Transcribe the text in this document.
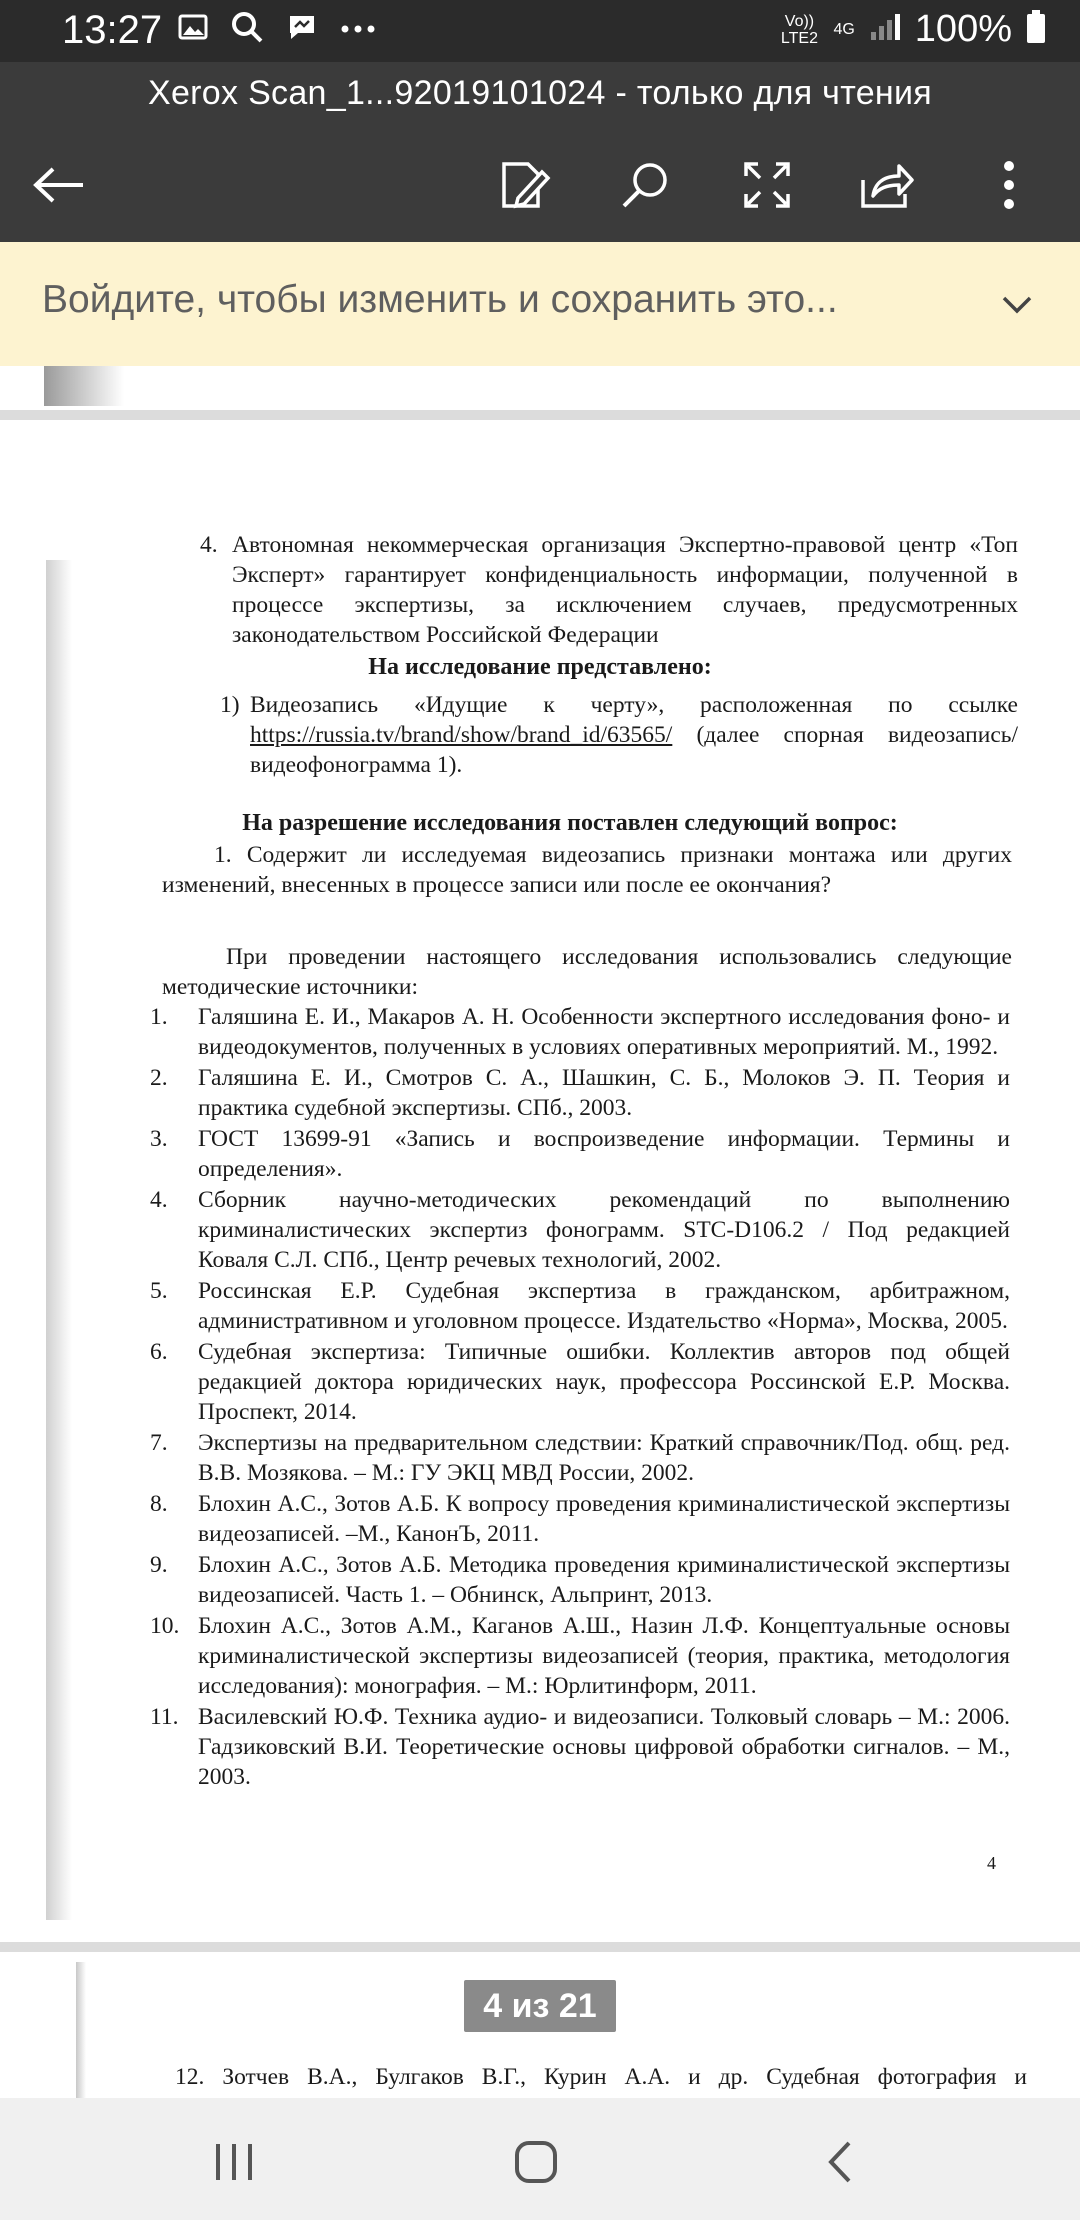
13:27	Vo)) LTE2 4G 100%
Xerox Scan_1...92019101024 - только для чтения
Войдите, чтобы изменить и сохранить это...
4. Автономная некоммерческая организация Экспертно-правовой центр «Топ Эксперт» гарантирует конфиденциальность информации, полученной в процессе экспертизы, за исключением случаев, предусмотренных законодательством Российской Федерации
На исследование представлено:
1) Видеозапись «Идущие к черту», расположенная по ссылке https://russia.tv/brand/show/brand_id/63565/ (далее спорная видеозапись/видеофонограмма 1).
На разрешение исследования поставлен следующий вопрос:
1. Содержит ли исследуемая видеозапись признаки монтажа или других изменений, внесенных в процессе записи или после ее окончания?
При проведении настоящего исследования использовались следующие методические источники:
1. Галяшина Е. И., Макаров А. Н. Особенности экспертного исследования фоно- и видеодокументов, полученных в условиях оперативных мероприятий. М., 1992.
2. Галяшина Е. И., Смотров С. А., Шашкин, С. Б., Молоков Э. П. Теория и практика судебной экспертизы. СПб., 2003.
3. ГОСТ 13699-91 «Запись и воспроизведение информации. Термины и определения».
4. Сборник научно-методических рекомендаций по выполнению криминалистических экспертиз фонограмм. STC-D106.2 / Под редакцией Коваля С.Л. СПб., Центр речевых технологий, 2002.
5. Россинская Е.Р. Судебная экспертиза в гражданском, арбитражном, административном и уголовном процессе. Издательство «Норма», Москва, 2005.
6. Судебная экспертиза: Типичные ошибки. Коллектив авторов под общей редакцией доктора юридических наук, профессора Россинской Е.Р. Москва. Проспект, 2014.
7. Экспертизы на предварительном следствии: Краткий справочник/Под. общ. ред. В.В. Мозякова. – М.: ГУ ЭКЦ МВД России, 2002.
8. Блохин А.С., Зотов А.Б. К вопросу проведения криминалистической экспертизы видеозаписей. –М., КанонЪ, 2011.
9. Блохин А.С., Зотов А.Б. Методика проведения криминалистической экспертизы видеозаписей. Часть 1. – Обнинск, Альпринт, 2013.
10. Блохин А.С., Зотов А.М., Каганов А.Ш., Назин Л.Ф. Концептуальные основы криминалистической экспертизы видеозаписей (теория, практика, методология исследования): монография. – М.: Юрлитинформ, 2011.
11. Василевский Ю.Ф. Техника аудио- и видеозаписи. Толковый словарь – М.: 2006. Гадзиковский В.И. Теоретические основы цифровой обработки сигналов. – М., 2003.
4
12. Зотчев В.А., Булгаков В.Г., Курин А.А. и др. Судебная фотография и
4 из 21
